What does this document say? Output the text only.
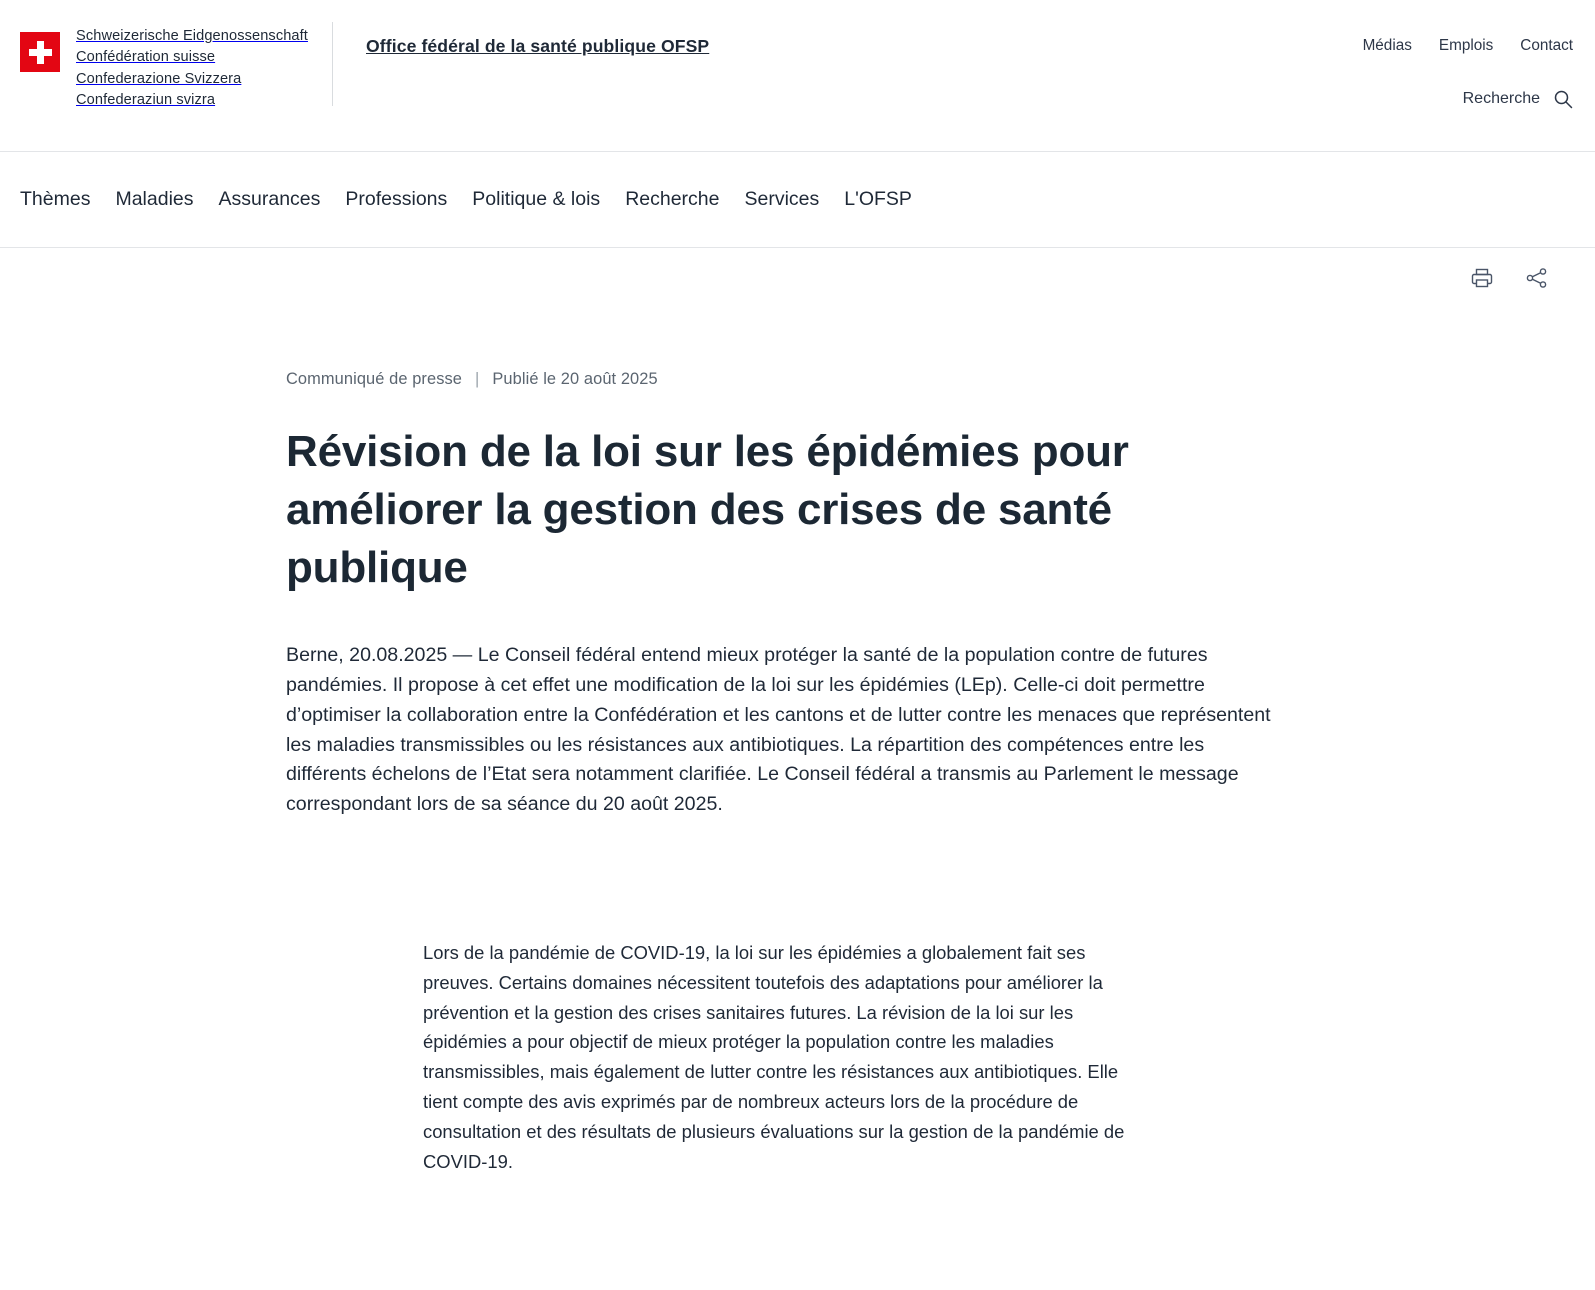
Schweizerische Eidgenossenschaft
Confédération suisse
Confederazione Svizzera
Confederaziun svizra
Office fédéral de la santé publique OFSP	Médias Emplois Contact
Recherche
Thèmes	Maladies	Assurances	Professions	Politique & lois	Recherche	Services	L'OFSP
Communiqué de presse | Publié le 20 août 2025
Révision de la loi sur les épidémies pour améliorer la gestion des crises de santé publique

Berne, 20.08.2025 — Le Conseil fédéral entend mieux protéger la santé de la population contre de futures pandémies. Il propose à cet effet une modification de la loi sur les épidémies (LEp). Celle-ci doit permettre d’optimiser la collaboration entre la Confédération et les cantons et de lutter contre les menaces que représentent les maladies transmissibles ou les résistances aux antibiotiques. La répartition des compétences entre les différents échelons de l’Etat sera notamment clarifiée. Le Conseil fédéral a transmis au Parlement le message correspondant lors de sa séance du 20 août 2025.

Lors de la pandémie de COVID-19, la loi sur les épidémies a globalement fait ses preuves. Certains domaines nécessitent toutefois des adaptations pour améliorer la prévention et la gestion des crises sanitaires futures. La révision de la loi sur les épidémies a pour objectif de mieux protéger la population contre les maladies transmissibles, mais également de lutter contre les résistances aux antibiotiques. Elle tient compte des avis exprimés par de nombreux acteurs lors de la procédure de consultation et des résultats de plusieurs évaluations sur la gestion de la pandémie de COVID-19.
